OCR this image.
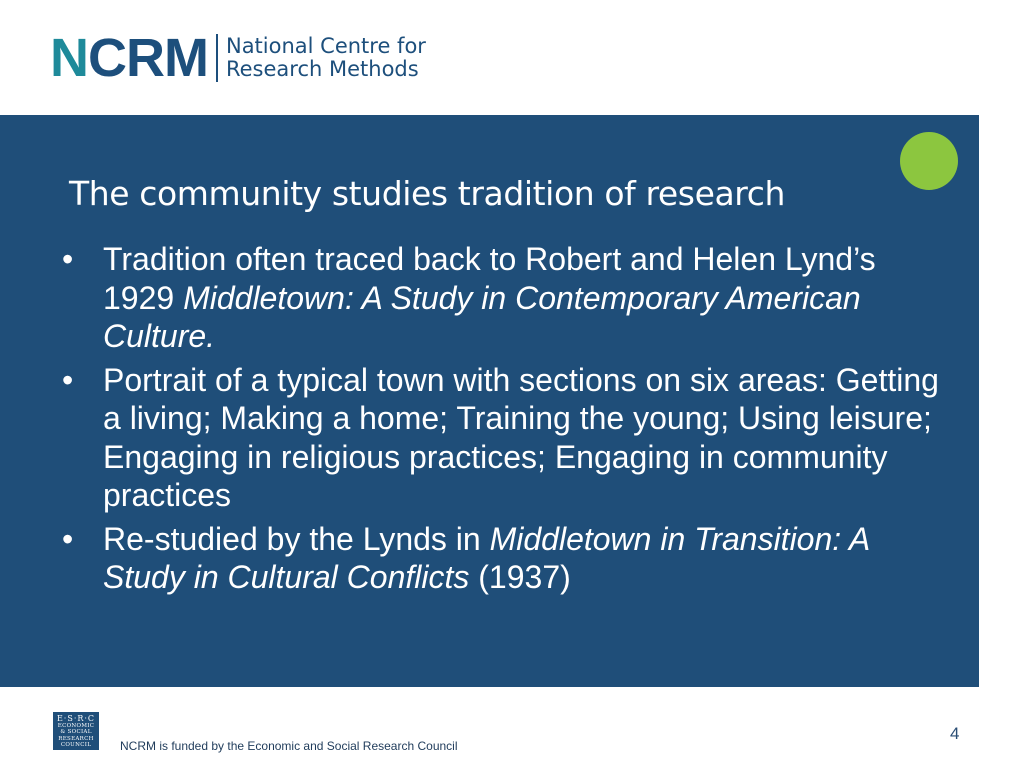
NCRM National Centre for
Research Methods
The community studies tradition of research
• Tradition often traced back to Robert and Helen Lynd’s 1929 Middletown: A Study in Contemporary American Culture.
• Portrait of a typical town with sections on six areas: Getting a living; Making a home; Training the young; Using leisure; Engaging in religious practices; Engaging in community practices
• Re-studied by the Lynds in Middletown in Transition: A Study in Cultural Conflicts (1937)
E·S·R·C
ECONOMIC
& SOCIAL
RESEARCH
COUNCIL	NCRM is funded by the Economic and Social Research Council
4
